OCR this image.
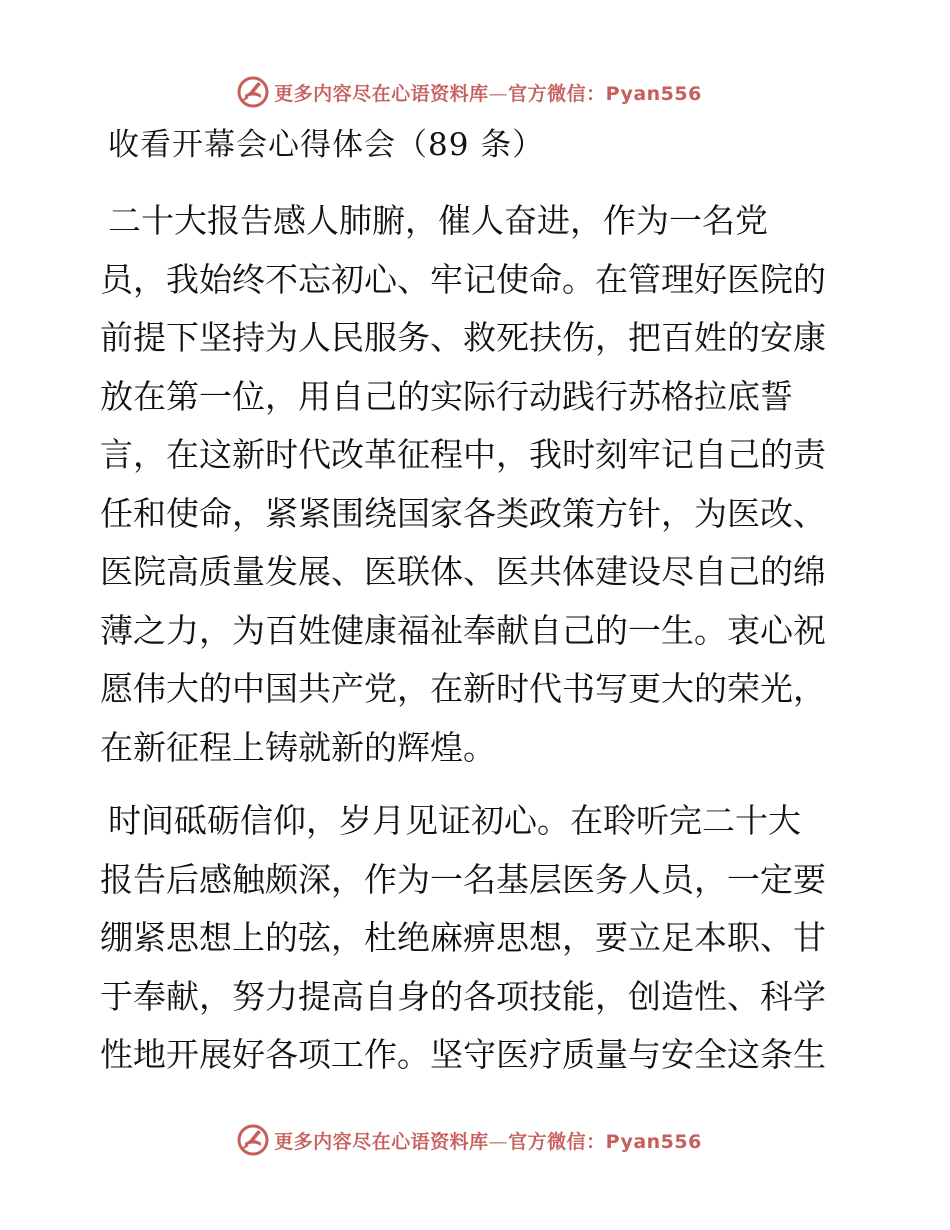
更多内容尽在心语资料库—官方微信：Pyan556
收看开幕会心得体会（89 条）
二十大报告感人肺腑，催人奋进，作为一名党
员，我始终不忘初心、牢记使命。在管理好医院的
前提下坚持为人民服务、救死扶伤，把百姓的安康
放在第一位，用自己的实际行动践行苏格拉底誓
言，在这新时代改革征程中，我时刻牢记自己的责
任和使命，紧紧围绕国家各类政策方针，为医改、
医院高质量发展、医联体、医共体建设尽自己的绵
薄之力，为百姓健康福祉奉献自己的一生。衷心祝
愿伟大的中国共产党，在新时代书写更大的荣光，
在新征程上铸就新的辉煌。
时间砥砺信仰，岁月见证初心。在聆听完二十大
报告后感触颇深，作为一名基层医务人员，一定要
绷紧思想上的弦，杜绝麻痹思想，要立足本职、甘
于奉献，努力提高自身的各项技能，创造性、科学
性地开展好各项工作。坚守医疗质量与安全这条生
更多内容尽在心语资料库—官方微信：Pyan556
